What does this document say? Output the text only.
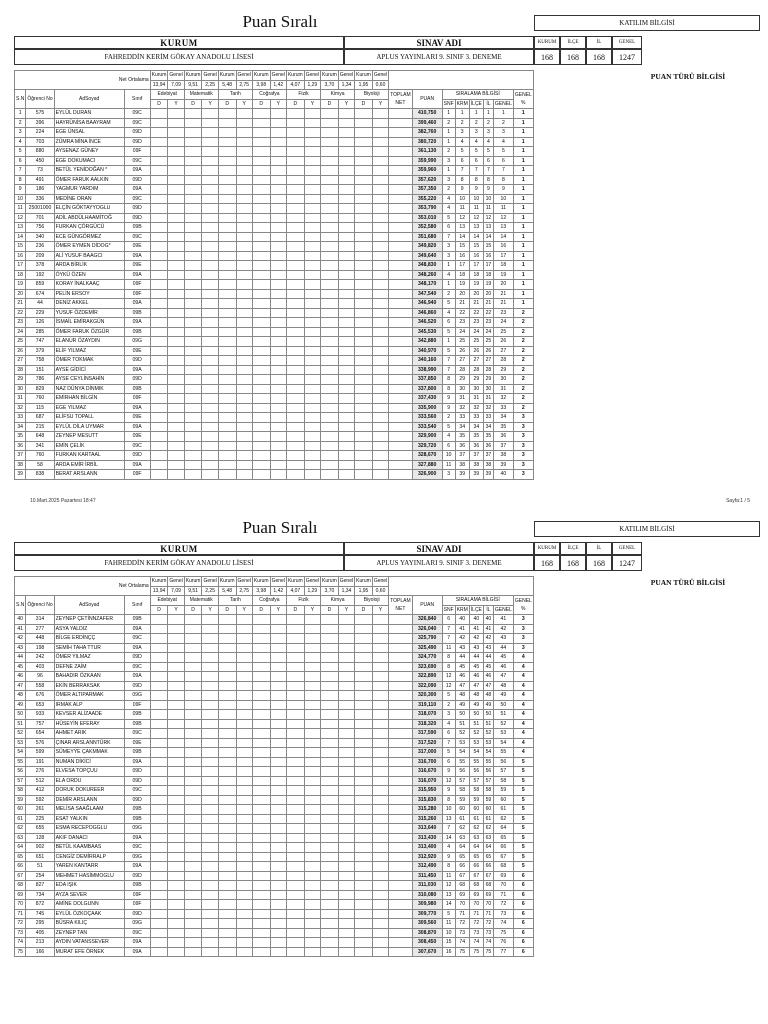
Puan Sıralı	KATILIM BİLGİSİ
KURUM
FAHREDDİN KERİM GÖKAY ANADOLU LİSESİ
SINAV ADI
APLUS YAYINLARI 9. SINIF 3. DENEME
KURUM	İLÇE	İL	GENEL
168	168	168	1247
PUAN TÜRÜ BİLGİSİ
Net Ortalama				Kurum	Genel	Kurum	Genel	Kurum	Genel	Kurum	Genel	Kurum	Genel	Kurum	Genel	Kurum	Genel								
				13,94	7,09	9,51	2,25	5,48	2,75	3,98	1,42	4,07	1,29	3,70	1,34	1,95	0,60								
S.N	Öğrenci No	AdSoyad	Sınıf	Edebiyat		Matematik		Tarih		Coğrafya		Fizik		Kimya		Biyoloji		TOPLAM NET	PUAN	SIRALAMA BİLGİSİ					GENEL %
				D	Y	D	Y	D	Y	D	Y	D	Y	D	Y	D	Y			SNF	KRM	İLÇE	İL	GENEL	
1	575	EYLÜL DURAN	09C																410,750	1	1	1	1	1	1
2	396	HAYRÜNİSA BAAYRAM	09C																399,460	2	2	2	2	2	1
3	224	EGE ÜNSAL	09D																382,760	1	3	3	3	3	1
4	703	ZÜMRA MİNA İNCE	09D																380,720	1	4	4	4	4	1
5	880	AYSENAZ GÜNEY	09F																361,130	2	5	5	5	5	1
6	450	EGE DOKUMACI	09C																359,990	3	6	6	6	6	1
7	73	BETÜL YENİDOĞAN *	09A																359,960	1	7	7	7	7	1
8	491	ÖMER FARUK AALKIN	09D																357,620	3	8	8	8	8	1
9	186	YAGMUR YARDIM	09A																357,350	2	9	9	9	9	1
10	336	MEDİNE ORAN	09C																355,220	4	10	10	10	10	1
11	25001000	ELÇİN GÖKTAYYOGLU	09D																353,790	4	11	11	11	11	1
12	701	ADİL ABDÜLHAAMİTOĞ	09D																353,010	5	12	12	12	12	1
13	756	FURKAN ÇÖRGÜCÜ	09B																352,580	6	13	13	13	13	1
14	340	ECE GÜNGÖRMEZ	09C																351,680	7	14	14	14	14	1
15	236	ÖMER EYMEN DİDOG*	09E																349,820	3	15	15	15	16	1
16	209	ALİ YUSUF BAAGCI	09A																349,640	3	16	16	16	17	1
17	378	ARDA BİRLİK	09E																348,830	1	17	17	17	18	1
18	192	ÖYKÜ ÖZEN	09A																348,260	4	18	18	18	19	1
19	859	KORAY İNALKAAÇ	09F																348,170	1	19	19	19	20	1
20	674	PELİN ERSOY	09F																347,540	2	20	20	20	21	1
21	44	DENİZ AKKEL	09A																346,940	5	21	21	21	21	1
22	229	YUSUF ÖZDEMİR	09B																346,860	4	22	22	22	23	2
23	126	İSMAİL EMİRAKGÜN	09A																346,520	6	23	23	23	24	2
24	285	ÖMER FARUK ÖZGÜR	09B																345,530	5	24	24	24	25	2
25	747	ELANUR ÖZAYDIN	09G																342,880	1	25	25	25	26	2
26	379	ELİF YILMAZ	09E																340,970	5	26	26	26	27	2
27	758	ÖMER TOKMAK	09D																340,160	7	27	27	27	28	2
28	151	AYSE GİDİCİ	09A																338,990	7	28	28	28	29	2
29	786	AYSE CEYLİNSAHİN	09D																337,850	8	29	29	29	30	2
30	829	NAZ DÜNYA DİNMIK	09B																337,800	8	30	30	30	31	2
31	760	EMİRHAN BİLGİN	09F																337,430	9	31	31	31	32	2
32	115	EGE YILMAZ	09A																335,900	9	32	32	32	33	2
33	687	ELİFSU TOPALL	09E																333,560	2	33	33	33	34	3
34	215	EYLÜL DİLA UYMAR	09A																333,540	5	34	34	34	35	3
35	648	ZEYNEP MESUTT	09E																329,900	4	35	35	35	36	3
36	341	EMİN ÇELİK	09C																329,720	6	36	36	36	37	3
37	760	FURKAN KARTAAL	09D																328,670	10	37	37	37	38	3
38	58	ARDA EMİR İRBİL	09A																327,880	11	38	38	38	39	3
39	838	BERAT ARSLANN	09F																326,900	3	39	39	39	40	3
10.Mart.2025 Pazartesi 18:47	Sayfa:1 / 5
Puan Sıralı	KATILIM BİLGİSİ
KURUM
FAHREDDİN KERİM GÖKAY ANADOLU LİSESİ
SINAV ADI
APLUS YAYINLARI 9. SINIF 3. DENEME
KURUM	İLÇE	İL	GENEL
168	168	168	1247
PUAN TÜRÜ BİLGİSİ
Net Ortalama				Kurum	Genel	Kurum	Genel	Kurum	Genel	Kurum	Genel	Kurum	Genel	Kurum	Genel	Kurum	Genel								
				13,94	7,09	9,51	2,25	5,48	2,75	3,98	1,42	4,07	1,29	3,70	1,34	1,95	0,60								
S.N	Öğrenci No	AdSoyad	Sınıf	Edebiyat		Matematik		Tarih		Coğrafya		Fizik		Kimya		Biyoloji		TOPLAM NET	PUAN	SIRALAMA BİLGİSİ					GENEL %
				D	Y	D	Y	D	Y	D	Y	D	Y	D	Y	D	Y			SNF	KRM	İLÇE	İL	GENEL	
40	314	ZEYNEP ÇETİNNZAFER	09B																326,840	6	40	40	40	41	3
41	277	ASYA YALDIZ	09A																326,040	7	41	41	41	42	3
42	448	BİLGE ERDİNÇÇ	09C																325,790	7	42	42	42	43	3
43	198	SEMİH TAHA TTUR	09A																325,490	11	43	43	43	44	3
44	242	ÖMER YILMAZ	09D																324,770	8	44	44	44	45	4
45	403	DEFNE ZAİM	09C																323,690	8	45	45	45	46	4
46	96	BAHADIR ÖZKAAN	09A																322,890	12	46	46	46	47	4
47	558	EKİN BERRAKSAK	09D																322,090	12	47	47	47	48	4
48	676	ÖMER ALTIPARMAK	09G																320,300	5	48	48	48	49	4
49	653	IRMAK ALP	09F																319,110	2	49	49	49	50	4
50	933	KEVSER ALİZAADE	09B																318,070	3	50	50	50	51	4
51	757	HÜSEYİN EFERAY	09B																318,320	4	51	51	51	52	4
52	654	AHMET ARIK	09C																317,590	6	52	52	52	53	4
53	576	ÇINAR ARSLANNTÜRK	09E																317,520	7	53	53	53	54	4
54	599	SÜMEYYE ÇAKMMAK	09B																317,000	5	54	54	54	55	4
55	191	NUMAN DİKİCİ	09A																316,700	6	55	55	55	56	5
56	276	ELVESA TOPÇUU	09D																316,670	9	56	56	56	57	5
57	512	ELA ORDU	09D																316,070	12	57	57	57	58	5
58	412	DORUK DOKUREER	09C																315,950	9	58	58	58	59	5
59	592	DEMİR ARSLANN	09D																315,830	8	59	59	59	60	5
60	261	MELİSA SAAĞLAAM	09B																315,280	10	60	60	60	61	5
61	225	ESAT YALKIN	09B																315,260	13	61	61	61	62	5
62	655	ESMA RECEPOGGLU	09G																313,640	7	62	62	62	64	5
63	128	AKIF DANACI	09A																313,430	14	63	63	63	65	5
64	902	BETÜL KAAMBAAS	09C																313,400	4	64	64	64	66	5
65	651	CENGİZ DEMİRRALP	09G																312,920	9	65	65	65	67	5
66	51	YAREN KANTARR	09A																312,490	8	66	66	66	68	5
67	254	MEHMET HASİMMOGLU	09D																311,450	11	67	67	67	69	6
68	827	EDA IŞIK	09B																311,030	12	68	68	68	70	6
69	734	AYZA SEVER	09F																310,080	13	69	69	69	71	6
70	872	AMİNE DOLGUNN	09F																309,980	14	70	70	70	72	6
71	745	EYLÜL ÖZKOÇAAK	09D																309,770	5	71	71	71	73	6
72	295	BÜSRA KILIÇ	09G																309,560	11	72	72	72	74	6
73	405	ZEYNEP TAN	09C																308,870	10	73	73	73	75	6
74	213	AYDIN VATANSSEVER	09A																308,450	15	74	74	74	76	6
75	166	MURAT EFE ÖRNEK	09A																307,670	16	75	75	75	77	6
